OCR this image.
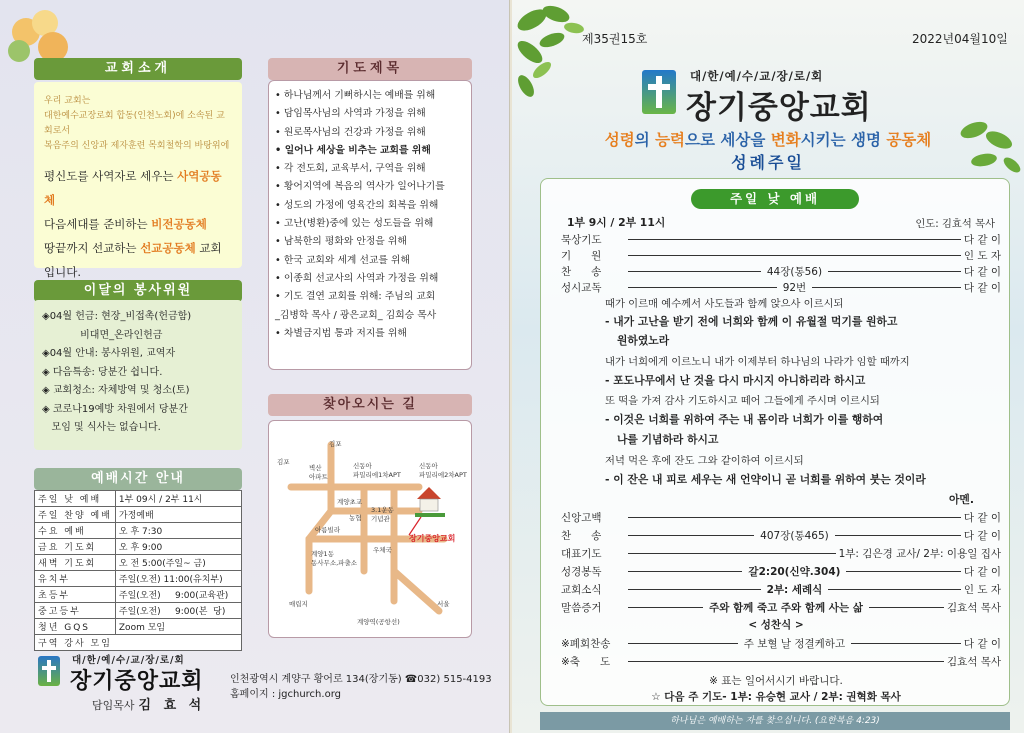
교회소개
우리 교회는
대한예수교장로회 합동(인천노회)에 소속된 교회로서
복음주의 신앙과 제자훈련 목회철학의 바탕위에
평신도를 사역자로 세우는 사역공동체
다음세대를 준비하는 비전공동체
땅끝까지 선교하는 선교공동체 교회입니다.
이달의 봉사위원
◈04월 헌금: 현장_비접촉(헌금함)
비대면_온라인헌금
◈04월 안내: 봉사위원, 교역자
◈ 다음특송: 당분간 쉽니다.
◈ 교회청소: 자체방역 및 청소(토)
◈ 코로나19예방 차원에서 당분간
모임 및 식사는 없습니다.
예배시간 안내
주일 낮 예배	1부 09시 / 2부 11시
주일 찬양 예배	가정예배
수요 예배	오 후 7:30
금요 기도회	오 후 9:00
새벽 기도회	오 전 5:00(주일~ 금)
유치부	주일(오전) 11:00(유치부)
초등부	주일(오전)     9:00(교육관)
중고등부	주일(오전)     9:00(본  당)
청년 GQS	Zoom 모임
구역 강사 모임	
대/한/예/수/교/장/로/회
장기중앙교회
담임목사 김 효 석
인천광역시 계양구 황어로 134(장기동) ☎032) 515-4193
홈페이지 : jgchurch.org
기도제목
• 하나님께서 기뻐하시는 예배를 위해
• 담임목사님의 사역과 가정을 위해
• 원로목사님의 건강과 가정을 위해
• 일어나 세상을 비추는 교회를 위해
• 각 전도회, 교육부서, 구역을 위해
• 황어지역에 복음의 역사가 일어나기를
• 성도의 가정에 영육간의 회복을 위해
• 고난(병환)중에 있는 성도들을 위해
• 남북한의 평화와 안정을 위해
• 한국 교회와 세계 선교를 위해
• 이종희 선교사의 사역과 가정을 위해
• 기도 결연 교회를 위해: 주님의 교회
_김병학 목사 / 광은교회_ 김희승 목사
• 차별금지법 통과 저지를 위해
찾아오시는 길
김포
김포
벽산
아파트
신동아
파밀리에1차APT
신동아
파밀리에2차APT
계양초교
농협
3.1운동
기념관
아름빌라
계양1동
동사무소,파출소
우체국
장기중앙교회
매립지	서울
계양역(공항선)
제35권15호	2022년04월10일
대/한/예/수/교/장/로/회
장기중앙교회
성령의 능력으로 세상을 변화시키는 생명 공동체
성례주일
주일 낮 예배
1부 9시 / 2부 11시	인도: 김효석 목사
묵상기도	다 같 이
기      원	인 도 자
찬      송	44장(통56)	다 같 이
성시교독	92번	다 같 이
때가 이르매 예수께서 사도들과 함께 앉으사 이르시되
- 내가 고난을 받기 전에 너희와 함께 이 유월절 먹기를 원하고
원하였노라
내가 너희에게 이르노니 내가 이제부터 하나님의 나라가 임할 때까지
- 포도나무에서 난 것을 다시 마시지 아니하리라 하시고
또 떡을 가져 감사 기도하시고 떼어 그들에게 주시며 이르시되
- 이것은 너희를 위하여 주는 내 몸이라 너희가 이를 행하여
나를 기념하라 하시고
저녁 먹은 후에 잔도 그와 같이하여 이르시되
- 이 잔은 내 피로 세우는 새 언약이니 곧 너희를 위하여 붓는 것이라
아멘.
신앙고백	다 같 이
찬      송	407장(통465)	다 같 이
대표기도	1부: 김은경 교사/ 2부: 이용일 집사
성경봉독	갈2:20(신약.304)	다 같 이
교회소식	2부: 세례식	인 도 자
말씀증거	주와 함께 죽고 주와 함께 사는 삶	김효석 목사
< 성찬식 >
※폐회찬송	주 보혈 날 정결케하고	다 같 이
※축      도	김효석 목사
※ 표는 일어서시기 바랍니다.
☆ 다음 주 기도- 1부: 유승현 교사 / 2부: 권혁화 목사
하나님은 예배하는 자를 찾으십니다. (요한복음 4:23)
